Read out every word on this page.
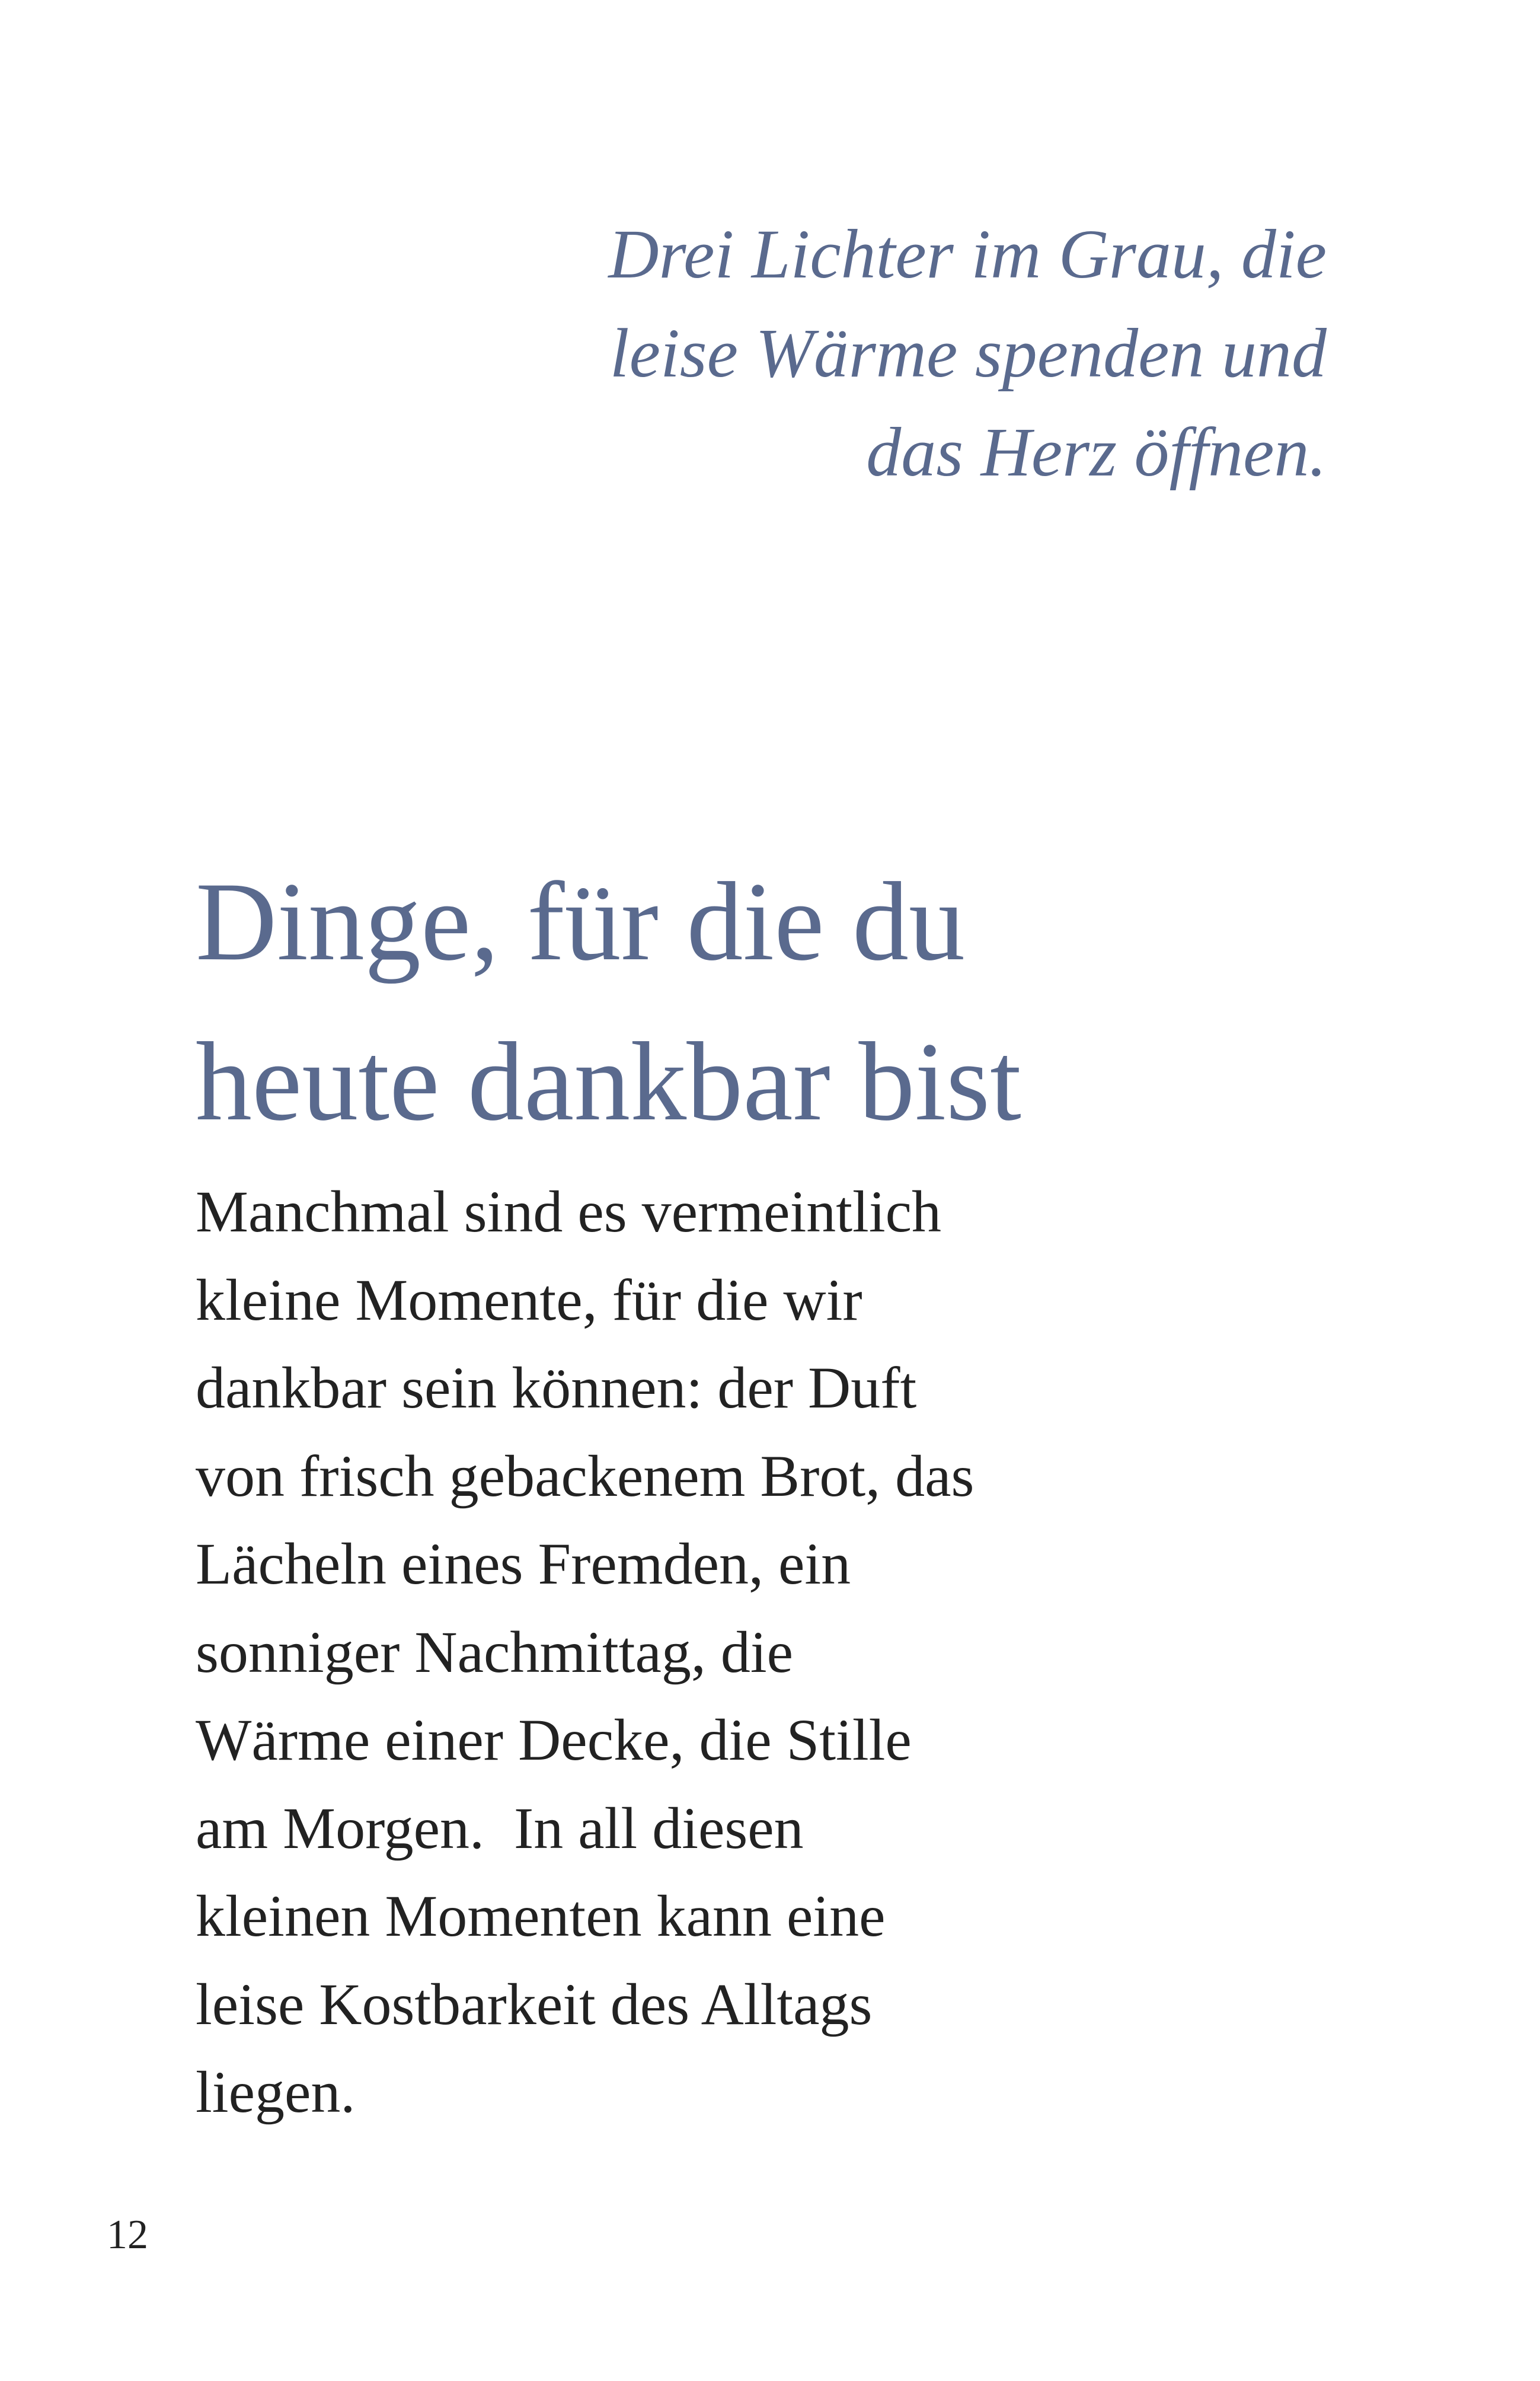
Drei Lichter im Grau, die
leise Wärme spenden und
das Herz öffnen.
Dinge, für die du
heute dankbar bist
Manchmal sind es vermeintlich
kleine Momente, für die wir
dankbar sein können: der Duft
von frisch gebackenem Brot, das
Lächeln eines Fremden, ein
sonniger Nachmittag, die
Wärme einer Decke, die Stille
am Morgen.  In all diesen
kleinen Momenten kann eine
leise Kostbarkeit des Alltags
liegen.
12
